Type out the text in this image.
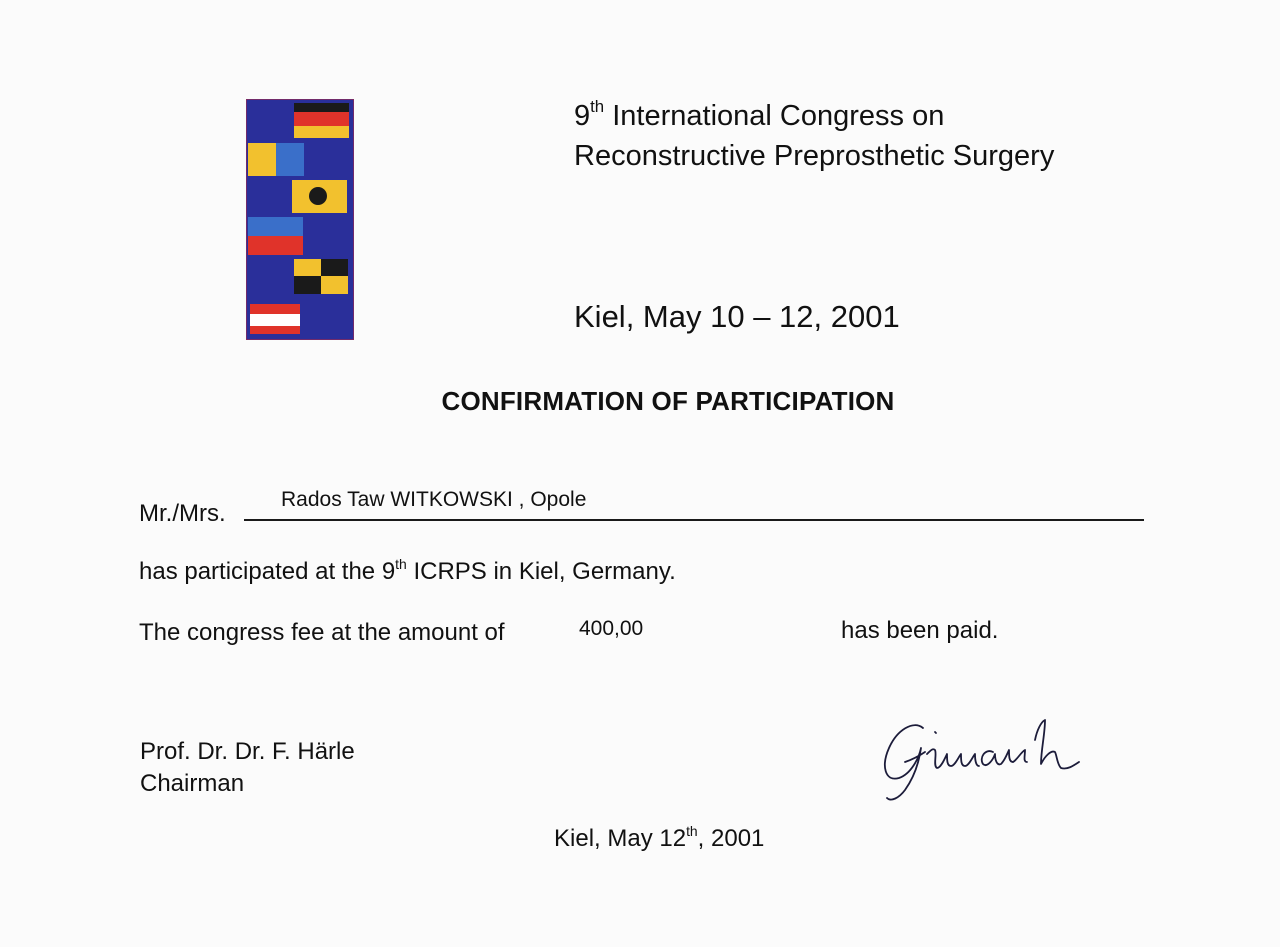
9th International Congress on
Reconstructive Preprosthetic Surgery
Kiel, May 10 – 12, 2001
CONFIRMATION OF PARTICIPATION
Mr./Mrs.
Rados Taw WITKOWSKI , Opole
has participated at the 9th ICRPS in Kiel, Germany.
The congress fee at the amount of	400,00	has been paid.
Prof. Dr. Dr. F. Härle
Chairman
Kiel, May 12th, 2001
